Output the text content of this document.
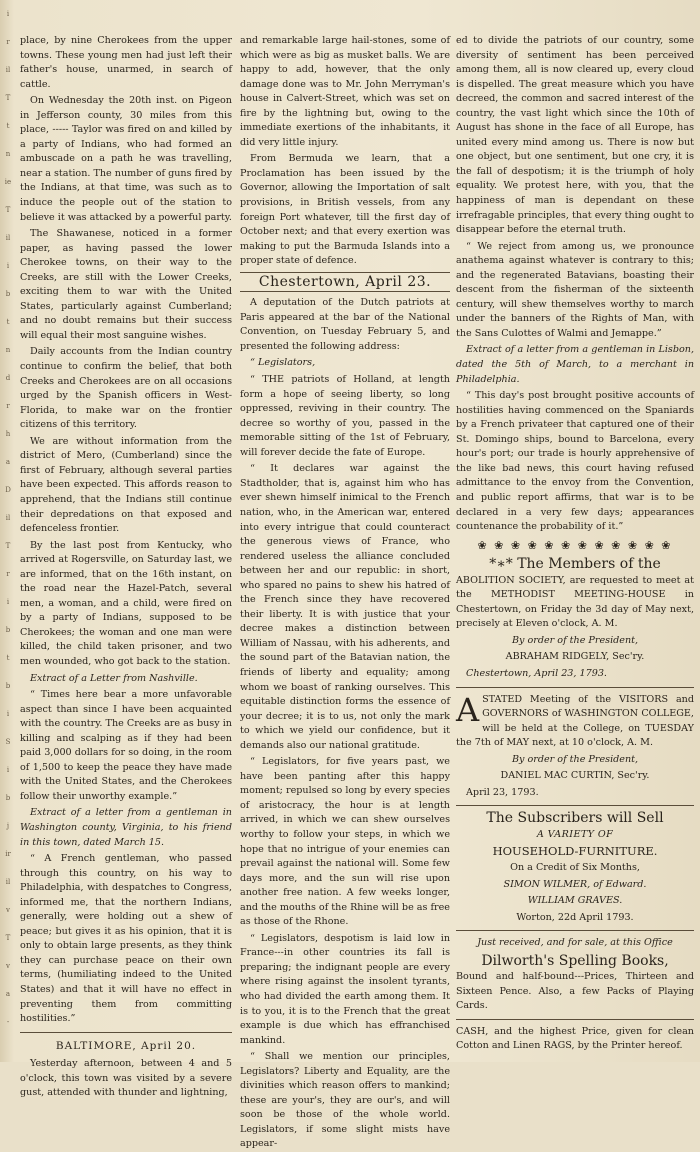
i
r
il
T
t
n
ie
T
il
i
b
t
n
d
r
h
a
D
il
T
r
i
b
t
b
i
S
i
b
j
ir
il
v
T
v
a
-

place, by nine Cherokees from the upper towns. These young men had just left their father's house, unarmed, in search of cattle.

On Wednesday the 20th inst. on Pigeon in Jefferson county, 30 miles from this place, ----- Taylor was fired on and killed by a party of Indians, who had formed an ambuscade on a path he was travelling, near a station. The number of guns fired by the Indians, at that time, was such as to induce the people out of the station to believe it was attacked by a powerful party.

The Shawanese, noticed in a former paper, as having passed the lower Cherokee towns, on their way to the Creeks, are still with the Lower Creeks, exciting them to war with the United States, particularly against Cumberland; and no doubt remains but their success will equal their most sanguine wishes.

Daily accounts from the Indian country continue to confirm the belief, that both Creeks and Cherokees are on all occasions urged by the Spanish officers in West-Florida, to make war on the frontier citizens of this territory.

We are without information from the district of Mero, (Cumberland) since the first of February, although several parties have been expected. This affords reason to apprehend, that the Indians still continue their depredations on that exposed and defenceless frontier.

By the last post from Kentucky, who arrived at Rogersville, on Saturday last, we are informed, that on the 16th instant, on the road near the Hazel-Patch, several men, a woman, and a child, were fired on by a party of Indians, supposed to be Cherokees; the woman and one man were killed, the child taken prisoner, and two men wounded, who got back to the station.

Extract of a Letter from Nashville.

“ Times here bear a more unfavorable aspect than since I have been acquainted with the country. The Creeks are as busy in killing and scalping as if they had been paid 3,000 dollars for so doing, in the room of 1,500 to keep the peace they have made with the United States, and the Cherokees follow their unworthy example.”

Extract of a letter from a gentleman in Washington county, Virginia, to his friend in this town, dated March 15.

“ A French gentleman, who passed through this country, on his way to Philadelphia, with despatches to Congress, informed me, that the northern Indians, generally, were holding out a shew of peace; but gives it as his opinion, that it is only to obtain large presents, as they think they can purchase peace on their own terms, (humiliating indeed to the United States) and that it will have no effect in preventing them from committing hostilities.”

BALTIMORE, April 20.

Yesterday afternoon, between 4 and 5 o'clock, this town was visited by a severe gust, attended with thunder and lightning,

and remarkable large hail-stones, some of which were as big as musket balls. We are happy to add, however, that the only damage done was to Mr. John Merryman's house in Calvert-Street, which was set on fire by the lightning but, owing to the immediate exertions of the inhabitants, it did very little injury.

From Bermuda we learn, that a Proclamation has been issued by the Governor, allowing the Importation of salt provisions, in British vessels, from any foreign Port whatever, till the first day of October next; and that every exertion was making to put the Barmuda Islands into a proper state of defence.

Chestertown, April 23.

A deputation of the Dutch patriots at Paris appeared at the bar of the National Convention, on Tuesday February 5, and presented the following address:

“ Legislators,

“ THE patriots of Holland, at length form a hope of seeing liberty, so long oppressed, reviving in their country. The decree so worthy of you, passed in the memorable sitting of the 1st of February, will forever decide the fate of Europe.

“ It declares war against the Stadtholder, that is, against him who has ever shewn himself inimical to the French nation, who, in the American war, entered into every intrigue that could counteract the generous views of France, who rendered useless the alliance concluded between her and our republic: in short, who spared no pains to shew his hatred of the French since they have recovered their liberty. It is with justice that your decree makes a distinction between William of Nassau, with his adherents, and the sound part of the Batavian nation, the friends of liberty and equality; among whom we boast of ranking ourselves. This equitable distinction forms the essence of your decree; it is to us, not only the mark to which we yield our confidence, but it demands also our national gratitude.

“ Legislators, for five years past, we have been panting after this happy moment; repulsed so long by every species of aristocracy, the hour is at length arrived, in which we can shew ourselves worthy to follow your steps, in which we hope that no intrigue of your enemies can prevail against the national will. Some few days more, and the sun will rise upon another free nation. A few weeks longer, and the mouths of the Rhine will be as free as those of the Rhone.

“ Legislators, despotism is laid low in France---in other countries its fall is preparing; the indignant people are every where rising against the insolent tyrants, who had divided the earth among them. It is to you, it is to the French that the great example is due which has effranchised mankind.

“ Shall we mention our principles, Legislators? Liberty and Equality, are the divinities which reason offers to mankind; these are your's, they are our's, and will soon be those of the whole world. Legislators, if some slight mists have appear-

ed to divide the patriots of our country, some diversity of sentiment has been perceived among them, all is now cleared up, every cloud is dispelled. The great measure which you have decreed, the common and sacred interest of the country, the vast light which since the 10th of August has shone in the face of all Europe, has united every mind among us. There is now but one object, but one sentiment, but one cry, it is the fall of despotism; it is the triumph of holy equality. We protest here, with you, that the happiness of man is dependant on these irrefragable principles, that every thing ought to disappear before the eternal truth.

“ We reject from among us, we pronounce anathema against whatever is contrary to this; and the regenerated Batavians, boasting their descent from the fisherman of the sixteenth century, will shew themselves worthy to march under the banners of the Rights of Man, with the Sans Culottes of Walmi and Jemappe.”

Extract of a letter from a gentleman in Lisbon, dated the 5th of March, to a merchant in Philadelphia.

“ This day's post brought positive accounts of hostilities having commenced on the Spaniards by a French privateer that captured one of their St. Domingo ships, bound to Barcelona, every hour's port; our trade is hourly apprehensive of the like bad news, this court having refused admittance to the envoy from the Convention, and public report affirms, that war is to be declared in a very few days; appearances countenance the probability of it.”

❀ ❀ ❀ ❀ ❀ ❀ ❀ ❀ ❀ ❀ ❀ ❀

*∗* The Members of the

ABOLITION SOCIETY, are requested to meet at the METHODIST MEETING-HOUSE in Chestertown, on Friday the 3d day of May next, precisely at Eleven o'clock, A. M.

By order of the President,

ABRAHAM RIDGELY, Sec'ry.

Chestertown, April 23, 1793.

A STATED Meeting of the VISITORS and GOVERNORS of WASHINGTON COLLEGE, will be held at the College, on TUESDAY the 7th of MAY next, at 10 o'clock, A. M.

By order of the President,

DANIEL MAC CURTIN, Sec'ry.

April 23, 1793.

The Subscribers will Sell

A VARIETY OF

HOUSEHOLD-FURNITURE.

On a Credit of Six Months,

SIMON WILMER, of Edward.

WILLIAM GRAVES.

Worton, 22d April 1793.

Just received, and for sale, at this Office

Dilworth's Spelling Books,

Bound and half-bound---Prices, Thirteen and Sixteen Pence. Also, a few Packs of Playing Cards.

CASH, and the highest Price, given for clean Cotton and Linen RAGS, by the Printer hereof.
